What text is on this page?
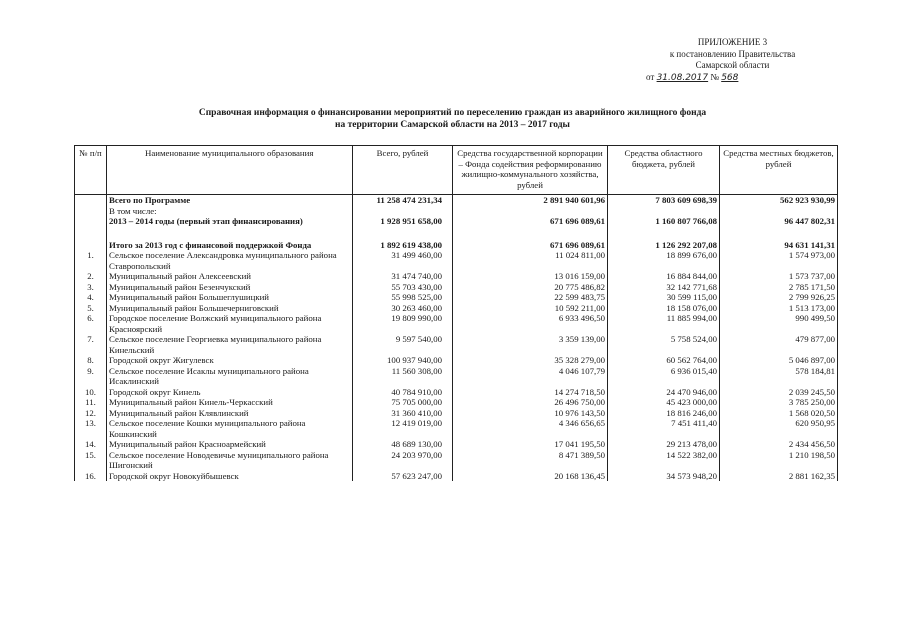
ПРИЛОЖЕНИЕ 3
к постановлению Правительства
Самарской области
от 31.08.2017 № 568
Справочная информация о финансировании мероприятий по переселению граждан из аварийного жилищного фонда
на территории Самарской области на 2013 – 2017 годы
№ п/п	Наименование муниципального образования	Всего, рублей	Средства государственной корпорации – Фонда содействия реформированию жилищно-коммунального хозяйства, рублей	Средства областного бюджета, рублей	Средства местных бюджетов, рублей
	Всего по Программе	11 258 474 231,34	2 891 940 601,96	7 803 609 698,39	562 923 930,99
	В том числе:				
	2013 – 2014 годы (первый этап финансирования)	1 928 951 658,00	671 696 089,61	1 160 807 766,08	96 447 802,31

	Итого за 2013 год с финансовой поддержкой Фонда	1 892 619 438,00	671 696 089,61	1 126 292 207,08	94 631 141,31
1.	Сельское поселение Александровка муниципального района Ставропольский	31 499 460,00	11 024 811,00	18 899 676,00	1 574 973,00
2.	Муниципальный район Алексеевский	31 474 740,00	13 016 159,00	16 884 844,00	1 573 737,00
3.	Муниципальный район Безенчукский	55 703 430,00	20 775 486,82	32 142 771,68	2 785 171,50
4.	Муниципальный район Большеглушицкий	55 998 525,00	22 599 483,75	30 599 115,00	2 799 926,25
5.	Муниципальный район Большечерниговский	30 263 460,00	10 592 211,00	18 158 076,00	1 513 173,00
6.	Городское поселение Волжский муниципального района Красноярский	19 809 990,00	6 933 496,50	11 885 994,00	990 499,50
7.	Сельское поселение Георгиевка муниципального района Кинельский	9 597 540,00	3 359 139,00	5 758 524,00	479 877,00
8.	Городской округ Жигулевск	100 937 940,00	35 328 279,00	60 562 764,00	5 046 897,00
9.	Сельское поселение Исаклы муниципального района Исаклинский	11 560 308,00	4 046 107,79	6 936 015,40	578 184,81
10.	Городской округ Кинель	40 784 910,00	14 274 718,50	24 470 946,00	2 039 245,50
11.	Муниципальный район Кинель-Черкасский	75 705 000,00	26 496 750,00	45 423 000,00	3 785 250,00
12.	Муниципальный район Клявлинский	31 360 410,00	10 976 143,50	18 816 246,00	1 568 020,50
13.	Сельское поселение Кошки муниципального района Кошкинский	12 419 019,00	4 346 656,65	7 451 411,40	620 950,95
14.	Муниципальный район Красноармейский	48 689 130,00	17 041 195,50	29 213 478,00	2 434 456,50
15.	Сельское поселение Новодевичье муниципального района Шигонский	24 203 970,00	8 471 389,50	14 522 382,00	1 210 198,50
16.	Городской округ Новокуйбышевск	57 623 247,00	20 168 136,45	34 573 948,20	2 881 162,35
